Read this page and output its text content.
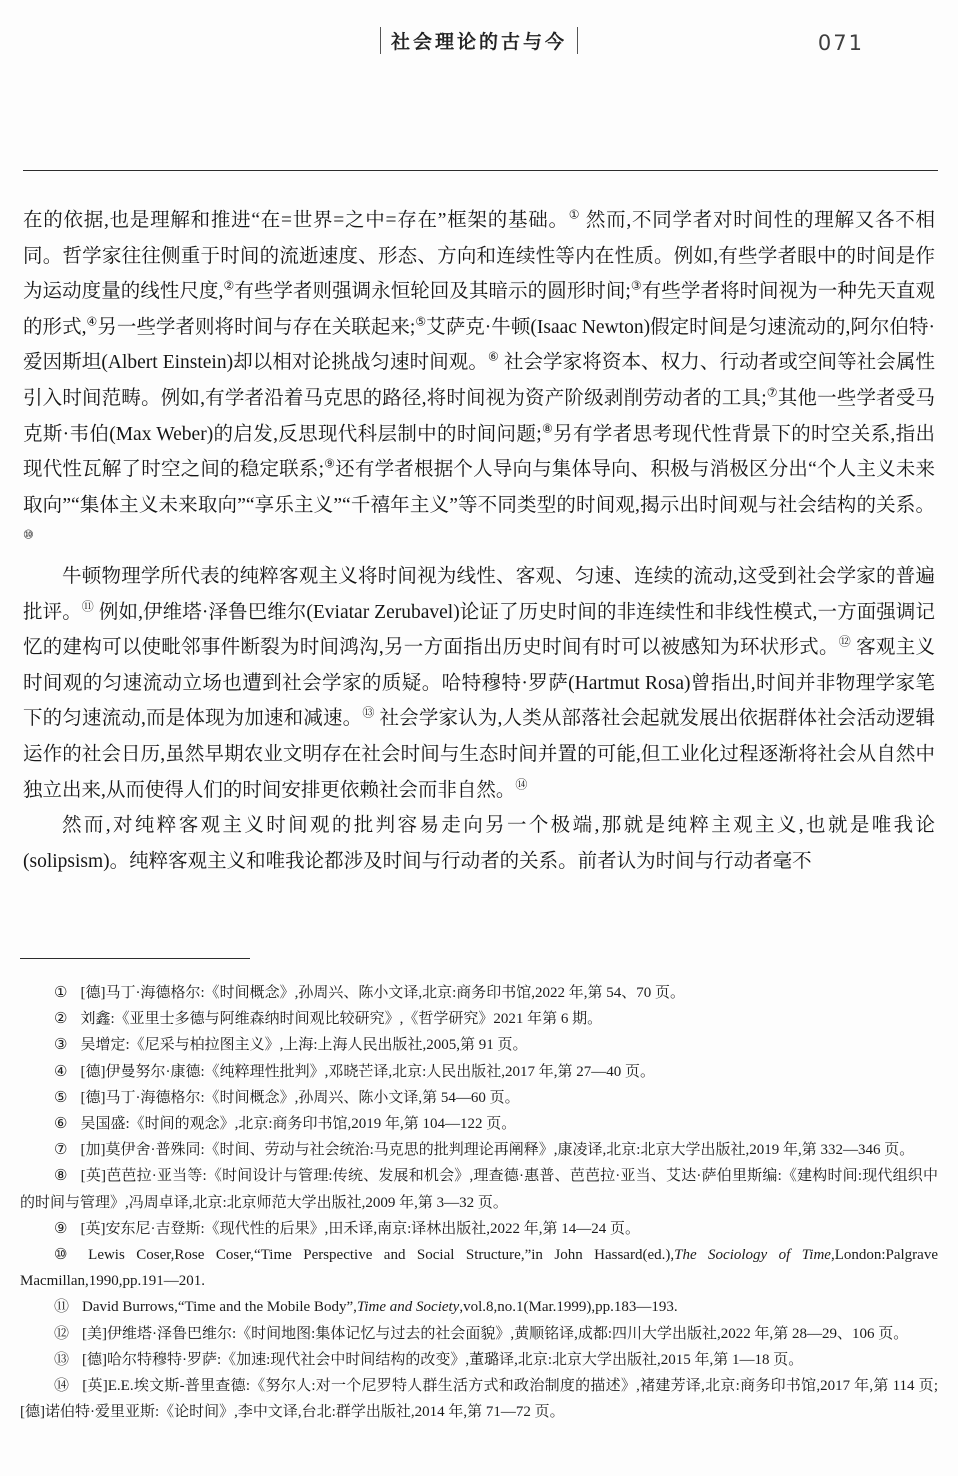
社会理论的古与今	071

在的依据,也是理解和推进“在=世界=之中=存在”框架的基础。① 然而,不同学者对时间性的理解又各不相同。哲学家往往侧重于时间的流逝速度、形态、方向和连续性等内在性质。例如,有些学者眼中的时间是作为运动度量的线性尺度,②有些学者则强调永恒轮回及其暗示的圆形时间;③有些学者将时间视为一种先天直观的形式,④另一些学者则将时间与存在关联起来;⑤艾萨克·牛顿(Isaac Newton)假定时间是匀速流动的,阿尔伯特·爱因斯坦(Albert Einstein)却以相对论挑战匀速时间观。⑥ 社会学家将资本、权力、行动者或空间等社会属性引入时间范畴。例如,有学者沿着马克思的路径,将时间视为资产阶级剥削劳动者的工具;⑦其他一些学者受马克斯·韦伯(Max Weber)的启发,反思现代科层制中的时间问题;⑧另有学者思考现代性背景下的时空关系,指出现代性瓦解了时空之间的稳定联系;⑨还有学者根据个人导向与集体导向、积极与消极区分出“个人主义未来取向”“集体主义未来取向”“享乐主义”“千禧年主义”等不同类型的时间观,揭示出时间观与社会结构的关系。⑩

牛顿物理学所代表的纯粹客观主义将时间视为线性、客观、匀速、连续的流动,这受到社会学家的普遍批评。⑪ 例如,伊维塔·泽鲁巴维尔(Eviatar Zerubavel)论证了历史时间的非连续性和非线性模式,一方面强调记忆的建构可以使毗邻事件断裂为时间鸿沟,另一方面指出历史时间有时可以被感知为环状形式。⑫ 客观主义时间观的匀速流动立场也遭到社会学家的质疑。哈特穆特·罗萨(Hartmut Rosa)曾指出,时间并非物理学家笔下的匀速流动,而是体现为加速和减速。⑬ 社会学家认为,人类从部落社会起就发展出依据群体社会活动逻辑运作的社会日历,虽然早期农业文明存在社会时间与生态时间并置的可能,但工业化过程逐渐将社会从自然中独立出来,从而使得人们的时间安排更依赖社会而非自然。⑭

然而,对纯粹客观主义时间观的批判容易走向另一个极端,那就是纯粹主观主义,也就是唯我论(solipsism)。纯粹客观主义和唯我论都涉及时间与行动者的关系。前者认为时间与行动者毫不

① [德]马丁·海德格尔:《时间概念》,孙周兴、陈小文译,北京:商务印书馆,2022 年,第 54、70 页。

② 刘鑫:《亚里士多德与阿维森纳时间观比较研究》,《哲学研究》2021 年第 6 期。

③ 吴增定:《尼采与柏拉图主义》,上海:上海人民出版社,2005,第 91 页。

④ [德]伊曼努尔·康德:《纯粹理性批判》,邓晓芒译,北京:人民出版社,2017 年,第 27—40 页。

⑤ [德]马丁·海德格尔:《时间概念》,孙周兴、陈小文译,第 54—60 页。

⑥ 吴国盛:《时间的观念》,北京:商务印书馆,2019 年,第 104—122 页。

⑦ [加]莫伊舍·普殊同:《时间、劳动与社会统治:马克思的批判理论再阐释》,康凌译,北京:北京大学出版社,2019 年,第 332—346 页。

⑧ [英]芭芭拉·亚当等:《时间设计与管理:传统、发展和机会》,理查德·惠普、芭芭拉·亚当、艾达·萨伯里斯编:《建构时间:现代组织中的时间与管理》,冯周卓译,北京:北京师范大学出版社,2009 年,第 3—32 页。

⑨ [英]安东尼·吉登斯:《现代性的后果》,田禾译,南京:译林出版社,2022 年,第 14—24 页。

⑩ Lewis Coser,Rose Coser,“Time Perspective and Social Structure,”in John Hassard(ed.),The Sociology of Time,London:Palgrave Macmillan,1990,pp.191—201.

⑪ David Burrows,“Time and the Mobile Body”,Time and Society,vol.8,no.1(Mar.1999),pp.183—193.

⑫ [美]伊维塔·泽鲁巴维尔:《时间地图:集体记忆与过去的社会面貌》,黄顺铭译,成都:四川大学出版社,2022 年,第 28—29、106 页。

⑬ [德]哈尔特穆特·罗萨:《加速:现代社会中时间结构的改变》,董璐译,北京:北京大学出版社,2015 年,第 1—18 页。

⑭ [英]E.E.埃文斯-普里查德:《努尔人:对一个尼罗特人群生活方式和政治制度的描述》,褚建芳译,北京:商务印书馆,2017 年,第 114 页;[德]诺伯特·爱里亚斯:《论时间》,李中文译,台北:群学出版社,2014 年,第 71—72 页。
